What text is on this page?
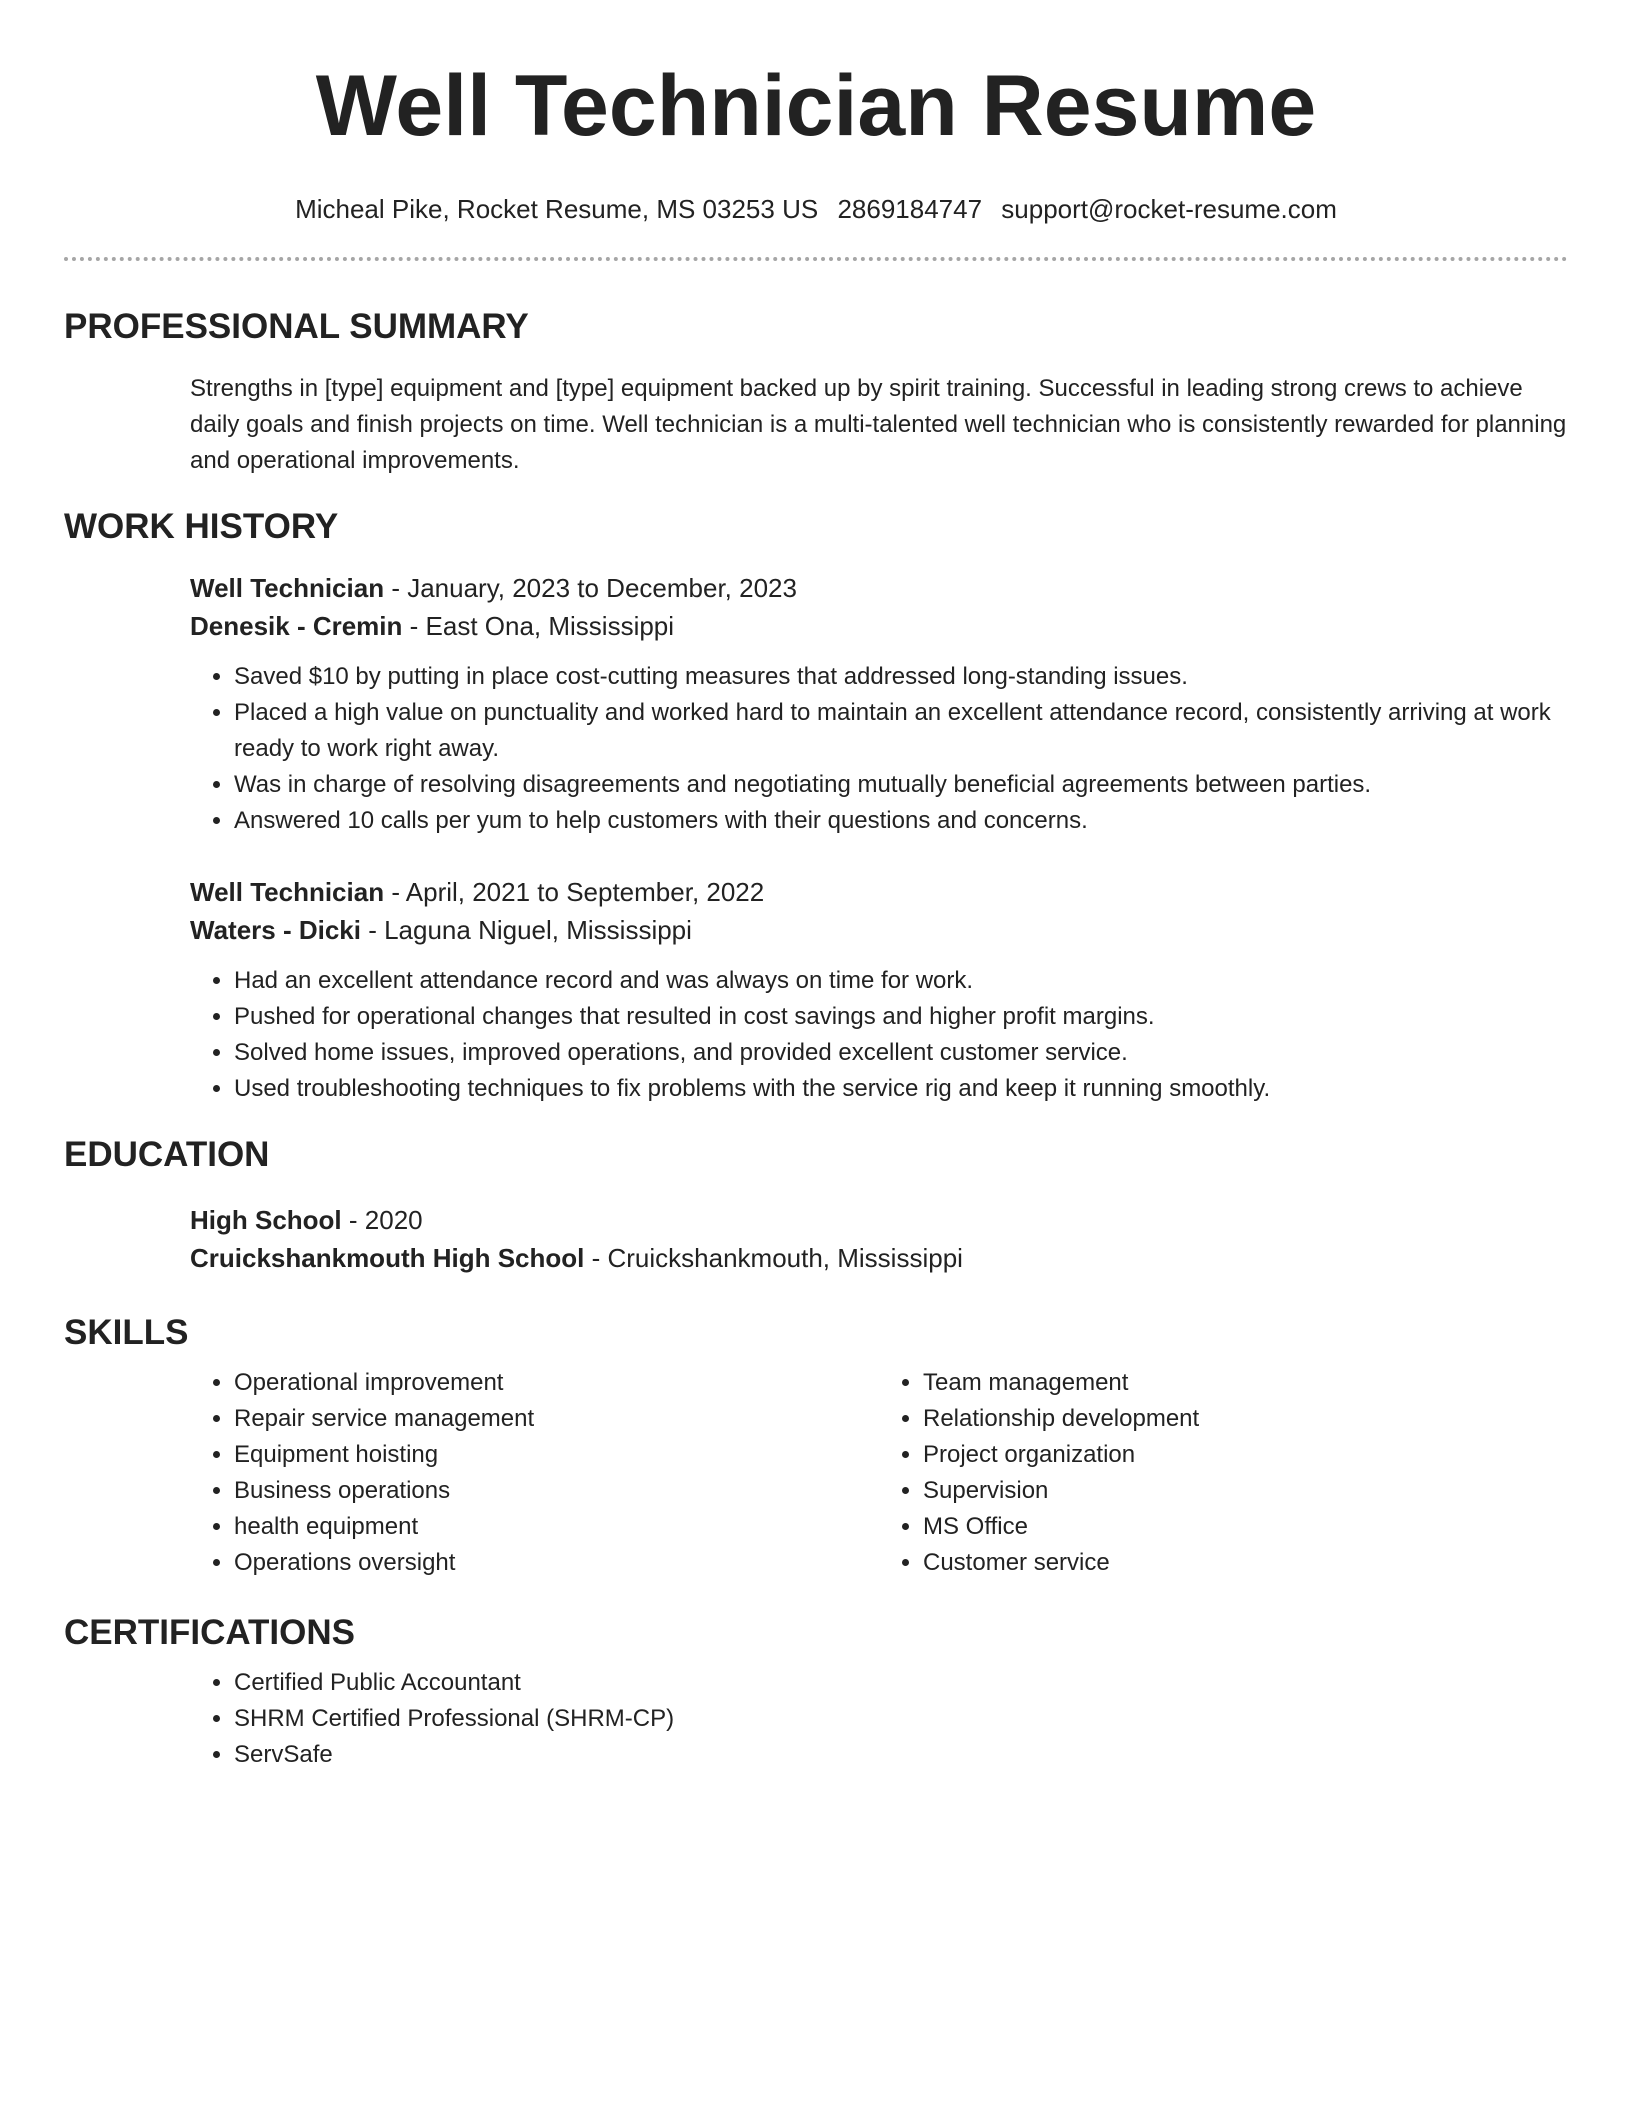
Well Technician Resume
Micheal Pike, Rocket Resume, MS 03253 US 2869184747 support@rocket-resume.com
PROFESSIONAL SUMMARY

Strengths in [type] equipment and [type] equipment backed up by spirit training. Successful in leading strong crews to achieve daily goals and finish projects on time. Well technician is a multi-talented well technician who is consistently rewarded for planning and operational improvements.

WORK HISTORY
Well Technician - January, 2023 to December, 2023
Denesik - Cremin - East Ona, Mississippi
• Saved $10 by putting in place cost-cutting measures that addressed long-standing issues.
• Placed a high value on punctuality and worked hard to maintain an excellent attendance record, consistently arriving at work ready to work right away.
• Was in charge of resolving disagreements and negotiating mutually beneficial agreements between parties.
• Answered 10 calls per yum to help customers with their questions and concerns.
Well Technician - April, 2021 to September, 2022
Waters - Dicki - Laguna Niguel, Mississippi
• Had an excellent attendance record and was always on time for work.
• Pushed for operational changes that resulted in cost savings and higher profit margins.
• Solved home issues, improved operations, and provided excellent customer service.
• Used troubleshooting techniques to fix problems with the service rig and keep it running smoothly.
EDUCATION
High School - 2020
Cruickshankmouth High School - Cruickshankmouth, Mississippi
SKILLS
• Operational improvement
• Repair service management
• Equipment hoisting
• Business operations
• health equipment
• Operations oversight
• Team management
• Relationship development
• Project organization
• Supervision
• MS Office
• Customer service
CERTIFICATIONS
• Certified Public Accountant
• SHRM Certified Professional (SHRM-CP)
• ServSafe
